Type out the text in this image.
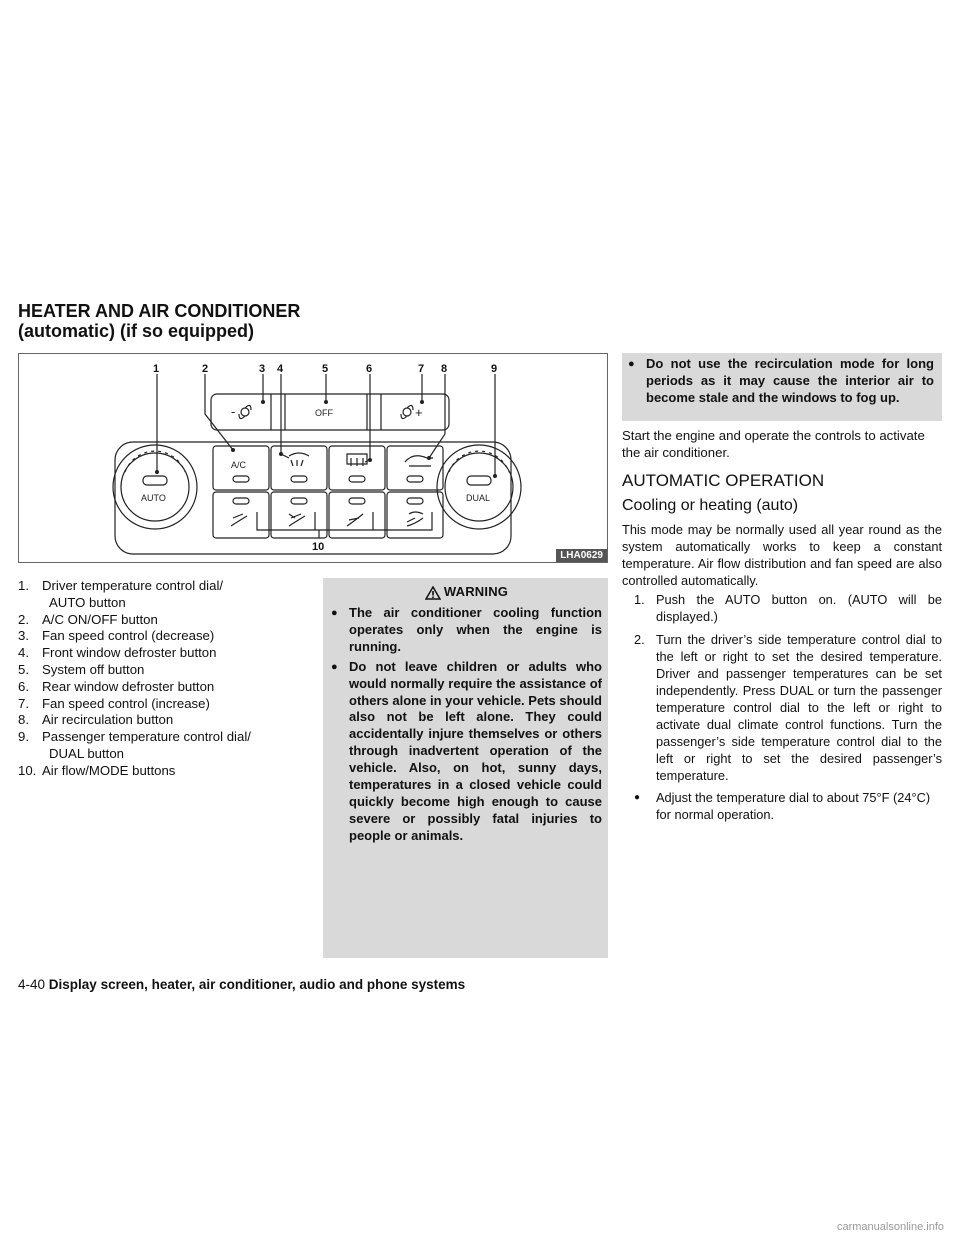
HEATER AND AIR CONDITIONER
(automatic) (if so equipped)
1	2	3 4	5	6	7 8	9
10
AUTO	DUAL
A/C
OFF
-	+
LHA0629
1. Driver temperature control dial/
AUTO button
2. A/C ON/OFF button
3. Fan speed control (decrease)
4. Front window defroster button
5. System off button
6. Rear window defroster button
7. Fan speed control (increase)
8. Air recirculation button
9. Passenger temperature control dial/
DUAL button
10. Air flow/MODE buttons
WARNING
● The air conditioner cooling function operates only when the engine is running.
● Do not leave children or adults who would normally require the assistance of others alone in your vehicle. Pets should also not be left alone. They could accidentally injure themselves or others through inadvertent operation of the vehicle. Also, on hot, sunny days, temperatures in a closed vehicle could quickly become high enough to cause severe or possibly fatal injuries to people or animals.
● Do not use the recirculation mode for long periods as it may cause the interior air to become stale and the windows to fog up.
Start the engine and operate the controls to activate the air conditioner.
AUTOMATIC OPERATION
Cooling or heating (auto)
This mode may be normally used all year round as the system automatically works to keep a constant temperature. Air flow distribution and fan speed are also controlled automatically.
1. Push the AUTO button on. (AUTO will be displayed.)
2. Turn the driver’s side temperature control dial to the left or right to set the desired temperature. Driver and passenger temperatures can be set independently. Press DUAL or turn the passenger temperature control dial to the left or right to activate dual climate control functions. Turn the passenger’s side temperature control dial to the left or right to set the desired passenger’s temperature.
● Adjust the temperature dial to about 75°F (24°C) for normal operation.
4-40 Display screen, heater, air conditioner, audio and phone systems
carmanualsonline.info
